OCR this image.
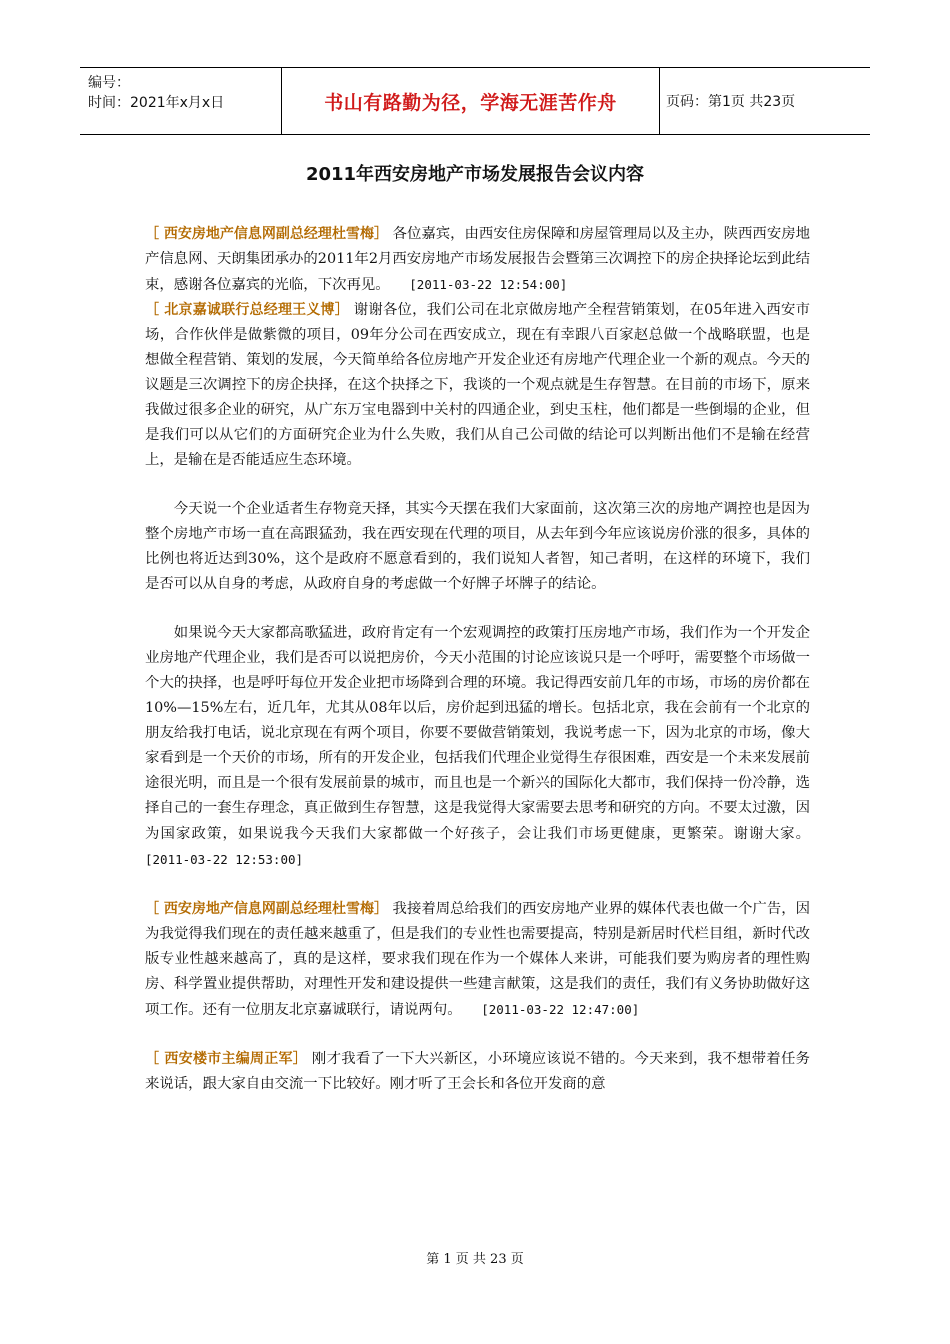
编号：
时间：2021年x月x日	书山有路勤为径，学海无涯苦作舟	页码：第1页 共23页
2011年西安房地产市场发展报告会议内容

［ 西安房地产信息网副总经理杜雪梅］ 各位嘉宾，由西安住房保障和房屋管理局以及主办，陕西西安房地产信息网、天朗集团承办的2011年2月西安房地产市场发展报告会暨第三次调控下的房企抉择论坛到此结束，感谢各位嘉宾的光临，下次再见。   [2011-03-22 12:54:00]

［ 北京嘉诚联行总经理王义博］ 谢谢各位，我们公司在北京做房地产全程营销策划，在05年进入西安市场，合作伙伴是做紫微的项目，09年分公司在西安成立，现在有幸跟八百家赵总做一个战略联盟，也是想做全程营销、策划的发展，今天简单给各位房地产开发企业还有房地产代理企业一个新的观点。今天的议题是三次调控下的房企抉择，在这个抉择之下，我谈的一个观点就是生存智慧。在目前的市场下，原来我做过很多企业的研究，从广东万宝电器到中关村的四通企业，到史玉柱，他们都是一些倒塌的企业，但是我们可以从它们的方面研究企业为什么失败，我们从自己公司做的结论可以判断出他们不是输在经营上，是输在是否能适应生态环境。

今天说一个企业适者生存物竞天择，其实今天摆在我们大家面前，这次第三次的房地产调控也是因为整个房地产市场一直在高跟猛劲，我在西安现在代理的项目，从去年到今年应该说房价涨的很多，具体的比例也将近达到30%，这个是政府不愿意看到的，我们说知人者智，知己者明，在这样的环境下，我们是否可以从自身的考虑，从政府自身的考虑做一个好牌子坏牌子的结论。

如果说今天大家都高歌猛进，政府肯定有一个宏观调控的政策打压房地产市场，我们作为一个开发企业房地产代理企业，我们是否可以说把房价，今天小范围的讨论应该说只是一个呼吁，需要整个市场做一个大的抉择，也是呼吁每位开发企业把市场降到合理的环境。我记得西安前几年的市场，市场的房价都在10%—15%左右，近几年，尤其从08年以后，房价起到迅猛的增长。包括北京，我在会前有一个北京的朋友给我打电话，说北京现在有两个项目，你要不要做营销策划，我说考虑一下，因为北京的市场，像大家看到是一个天价的市场，所有的开发企业，包括我们代理企业觉得生存很困难，西安是一个未来发展前途很光明，而且是一个很有发展前景的城市，而且也是一个新兴的国际化大都市，我们保持一份冷静，选择自己的一套生存理念，真正做到生存智慧，这是我觉得大家需要去思考和研究的方向。不要太过激，因为国家政策，如果说我今天我们大家都做一个好孩子，会让我们市场更健康，更繁荣。谢谢大家。   [2011-03-22 12:53:00]

［ 西安房地产信息网副总经理杜雪梅］ 我接着周总给我们的西安房地产业界的媒体代表也做一个广告，因为我觉得我们现在的责任越来越重了，但是我们的专业性也需要提高，特别是新居时代栏目组，新时代改版专业性越来越高了，真的是这样，要求我们现在作为一个媒体人来讲，可能我们要为购房者的理性购房、科学置业提供帮助，对理性开发和建设提供一些建言献策，这是我们的责任，我们有义务协助做好这项工作。还有一位朋友北京嘉诚联行，请说两句。   [2011-03-22 12:47:00]

［ 西安楼市主编周正军］ 刚才我看了一下大兴新区，小环境应该说不错的。今天来到，我不想带着任务来说话，跟大家自由交流一下比较好。刚才听了王会长和各位开发商的意

第 1 页 共 23 页
